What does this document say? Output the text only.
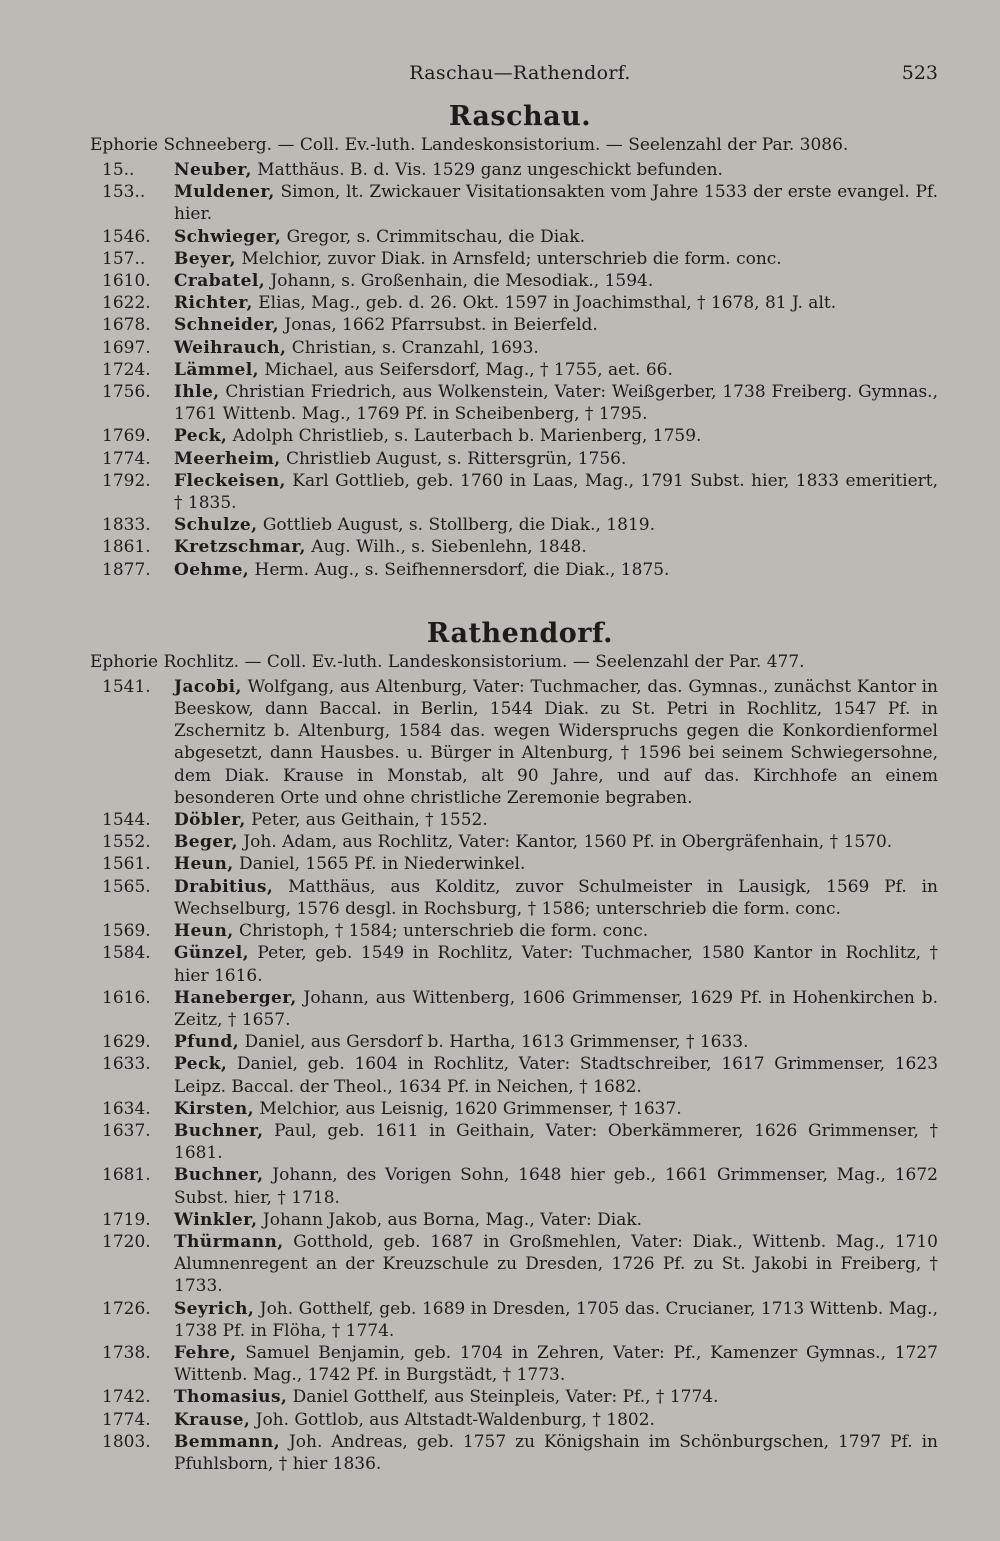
Raschau—Rathendorf.	523
Raschau.
Ephorie Schneeberg. — Coll. Ev.-luth. Landeskonsistorium. — Seelenzahl der Par. 3086.
15..	Neuber, Matthäus. B. d. Vis. 1529 ganz ungeschickt befunden.
153..	Muldener, Simon, lt. Zwickauer Visitationsakten vom Jahre 1533 der erste evangel. Pf. hier.
1546.	Schwieger, Gregor, s. Crimmitschau, die Diak.
157..	Beyer, Melchior, zuvor Diak. in Arnsfeld; unterschrieb die form. conc.
1610.	Crabatel, Johann, s. Großenhain, die Mesodiak., 1594.
1622.	Richter, Elias, Mag., geb. d. 26. Okt. 1597 in Joachimsthal, † 1678, 81 J. alt.
1678.	Schneider, Jonas, 1662 Pfarrsubst. in Beierfeld.
1697.	Weihrauch, Christian, s. Cranzahl, 1693.
1724.	Lämmel, Michael, aus Seifersdorf, Mag., † 1755, aet. 66.
1756.	Ihle, Christian Friedrich, aus Wolkenstein, Vater: Weißgerber, 1738 Freiberg. Gymnas., 1761 Wittenb. Mag., 1769 Pf. in Scheibenberg, † 1795.
1769.	Peck, Adolph Christlieb, s. Lauterbach b. Marienberg, 1759.
1774.	Meerheim, Christlieb August, s. Rittersgrün, 1756.
1792.	Fleckeisen, Karl Gottlieb, geb. 1760 in Laas, Mag., 1791 Subst. hier, 1833 emeritiert, † 1835.
1833.	Schulze, Gottlieb August, s. Stollberg, die Diak., 1819.
1861.	Kretzschmar, Aug. Wilh., s. Siebenlehn, 1848.
1877.	Oehme, Herm. Aug., s. Seifhennersdorf, die Diak., 1875.
Rathendorf.
Ephorie Rochlitz. — Coll. Ev.-luth. Landeskonsistorium. — Seelenzahl der Par. 477.
1541.	Jacobi, Wolfgang, aus Altenburg, Vater: Tuchmacher, das. Gymnas., zunächst Kantor in Beeskow, dann Baccal. in Berlin, 1544 Diak. zu St. Petri in Rochlitz, 1547 Pf. in Zschernitz b. Altenburg, 1584 das. wegen Widerspruchs gegen die Konkordienformel abgesetzt, dann Hausbes. u. Bürger in Altenburg, † 1596 bei seinem Schwiegersohne, dem Diak. Krause in Monstab, alt 90 Jahre, und auf das. Kirchhofe an einem besonderen Orte und ohne christliche Zeremonie begraben.
1544.	Döbler, Peter, aus Geithain, † 1552.
1552.	Beger, Joh. Adam, aus Rochlitz, Vater: Kantor, 1560 Pf. in Obergräfenhain, † 1570.
1561.	Heun, Daniel, 1565 Pf. in Niederwinkel.
1565.	Drabitius, Matthäus, aus Kolditz, zuvor Schulmeister in Lausigk, 1569 Pf. in Wechselburg, 1576 desgl. in Rochsburg, † 1586; unterschrieb die form. conc.
1569.	Heun, Christoph, † 1584; unterschrieb die form. conc.
1584.	Günzel, Peter, geb. 1549 in Rochlitz, Vater: Tuchmacher, 1580 Kantor in Rochlitz, † hier 1616.
1616.	Haneberger, Johann, aus Wittenberg, 1606 Grimmenser, 1629 Pf. in Hohenkirchen b. Zeitz, † 1657.
1629.	Pfund, Daniel, aus Gersdorf b. Hartha, 1613 Grimmenser, † 1633.
1633.	Peck, Daniel, geb. 1604 in Rochlitz, Vater: Stadtschreiber, 1617 Grimmenser, 1623 Leipz. Baccal. der Theol., 1634 Pf. in Neichen, † 1682.
1634.	Kirsten, Melchior, aus Leisnig, 1620 Grimmenser, † 1637.
1637.	Buchner, Paul, geb. 1611 in Geithain, Vater: Oberkämmerer, 1626 Grimmenser, † 1681.
1681.	Buchner, Johann, des Vorigen Sohn, 1648 hier geb., 1661 Grimmenser, Mag., 1672 Subst. hier, † 1718.
1719.	Winkler, Johann Jakob, aus Borna, Mag., Vater: Diak.
1720.	Thürmann, Gotthold, geb. 1687 in Großmehlen, Vater: Diak., Wittenb. Mag., 1710 Alumnenregent an der Kreuzschule zu Dresden, 1726 Pf. zu St. Jakobi in Freiberg, † 1733.
1726.	Seyrich, Joh. Gotthelf, geb. 1689 in Dresden, 1705 das. Crucianer, 1713 Wittenb. Mag., 1738 Pf. in Flöha, † 1774.
1738.	Fehre, Samuel Benjamin, geb. 1704 in Zehren, Vater: Pf., Kamenzer Gymnas., 1727 Wittenb. Mag., 1742 Pf. in Burgstädt, † 1773.
1742.	Thomasius, Daniel Gotthelf, aus Steinpleis, Vater: Pf., † 1774.
1774.	Krause, Joh. Gottlob, aus Altstadt-Waldenburg, † 1802.
1803.	Bemmann, Joh. Andreas, geb. 1757 zu Königshain im Schönburgschen, 1797 Pf. in Pfuhlsborn, † hier 1836.
